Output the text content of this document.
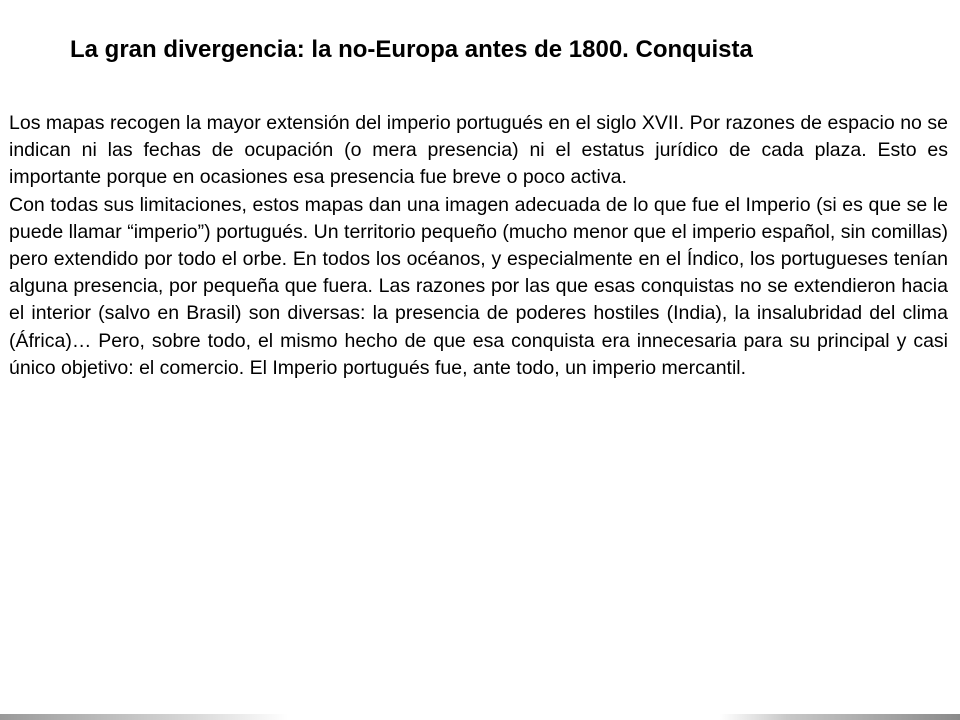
La gran divergencia: la no-Europa antes de 1800. Conquista

Los mapas recogen la mayor extensión del imperio portugués en el siglo XVII. Por razones de espacio no se indican ni las fechas de ocupación (o mera presencia) ni el estatus jurídico de cada plaza. Esto es importante porque en ocasiones esa presencia fue breve o poco activa.

Con todas sus limitaciones, estos mapas dan una imagen adecuada de lo que fue el Imperio (si es que se le puede llamar “imperio”) portugués. Un territorio pequeño (mucho menor que el imperio español, sin comillas) pero extendido por todo el orbe. En todos los océanos, y especialmente en el Índico, los portugueses tenían alguna presencia, por pequeña que fuera. Las razones por las que esas conquistas no se extendieron hacia el interior (salvo en Brasil) son diversas: la presencia de poderes hostiles (India), la insalubridad del clima (África)… Pero, sobre todo, el mismo hecho de que esa conquista era innecesaria para su principal y casi único objetivo: el comercio. El Imperio portugués fue, ante todo, un imperio mercantil.
